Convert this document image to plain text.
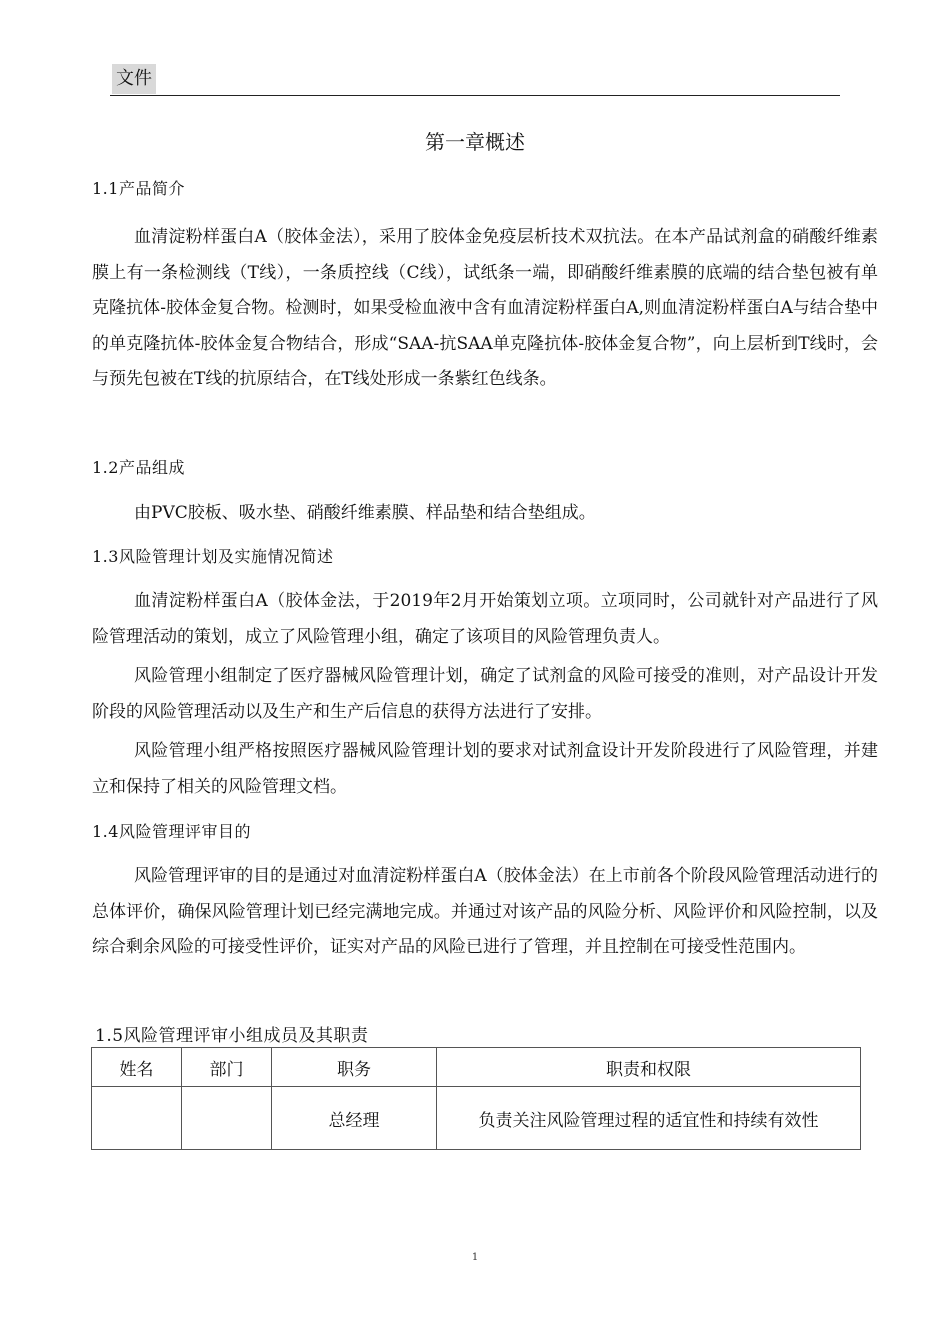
文件
第一章概述
1.1产品简介
血清淀粉样蛋白A（胶体金法），采用了胶体金免疫层析技术双抗法。在本产品试剂盒的硝酸纤维素膜上有一条检测线（T线），一条质控线（C线），试纸条一端，即硝酸纤维素膜的底端的结合垫包被有单克隆抗体-胶体金复合物。检测时，如果受检血液中含有血清淀粉样蛋白A,则血清淀粉样蛋白A与结合垫中的单克隆抗体-胶体金复合物结合，形成“SAA-抗SAA单克隆抗体-胶体金复合物”，向上层析到T线时，会与预先包被在T线的抗原结合，在T线处形成一条紫红色线条。
1.2产品组成
由PVC胶板、吸水垫、硝酸纤维素膜、样品垫和结合垫组成。
1.3风险管理计划及实施情况简述
血清淀粉样蛋白A（胶体金法，于2019年2月开始策划立项。立项同时，公司就针对产品进行了风险管理活动的策划，成立了风险管理小组，确定了该项目的风险管理负责人。
风险管理小组制定了医疗器械风险管理计划，确定了试剂盒的风险可接受的准则，对产品设计开发阶段的风险管理活动以及生产和生产后信息的获得方法进行了安排。
风险管理小组严格按照医疗器械风险管理计划的要求对试剂盒设计开发阶段进行了风险管理，并建立和保持了相关的风险管理文档。
1.4风险管理评审目的
风险管理评审的目的是通过对血清淀粉样蛋白A（胶体金法）在上市前各个阶段风险管理活动进行的总体评价，确保风险管理计划已经完满地完成。并通过对该产品的风险分析、风险评价和风险控制，以及综合剩余风险的可接受性评价，证实对产品的风险已进行了管理，并且控制在可接受性范围内。
1.5风险管理评审小组成员及其职责
姓名	部门	职务	职责和权限
		总经理	负责关注风险管理过程的适宜性和持续有效性
1
